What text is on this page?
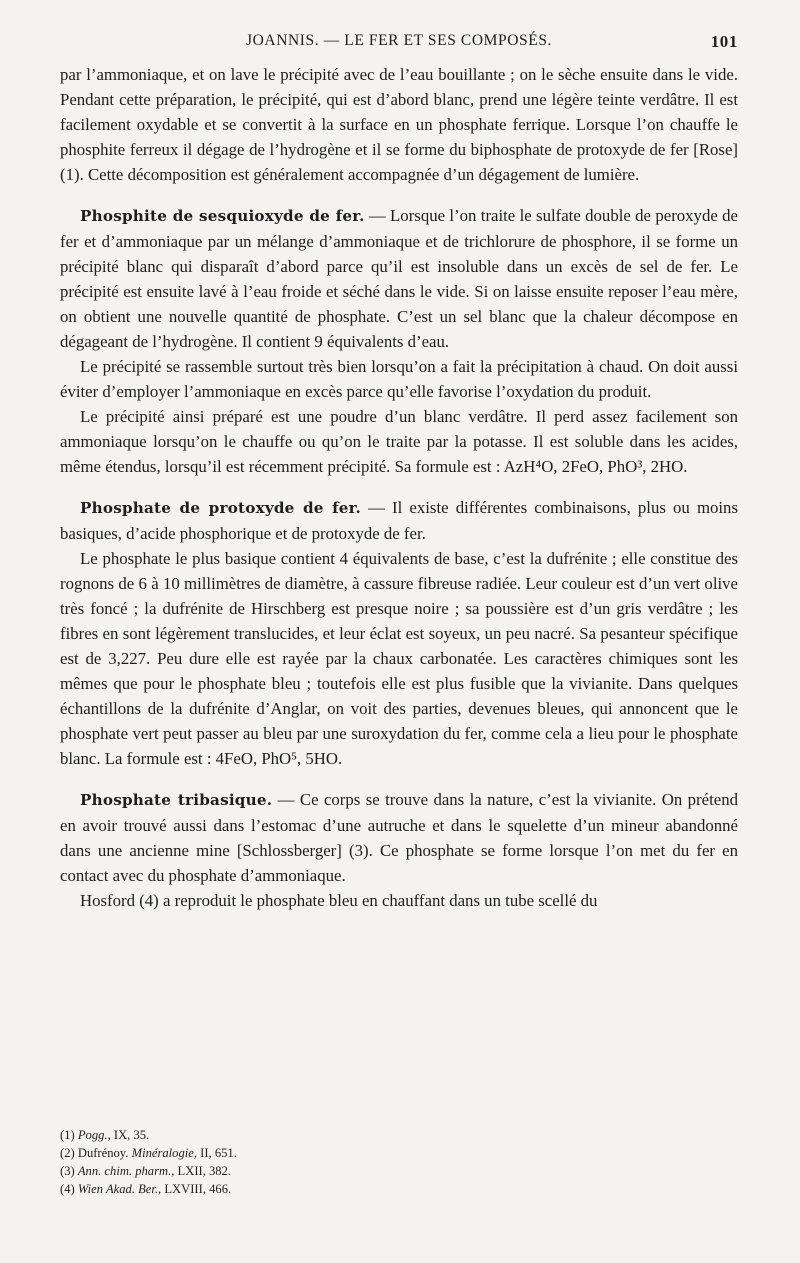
JOANNIS. — LE FER ET SES COMPOSÉS.	101

par l’ammoniaque, et on lave le précipité avec de l’eau bouillante ; on le sèche ensuite dans le vide. Pendant cette préparation, le précipité, qui est d’abord blanc, prend une légère teinte verdâtre. Il est facilement oxydable et se convertit à la surface en un phosphate ferrique. Lorsque l’on chauffe le phosphite ferreux il dégage de l’hydrogène et il se forme du biphosphate de protoxyde de fer [Rose] (1). Cette décomposition est généralement accompagnée d’un dégagement de lumière.

Phosphite de sesquioxyde de fer. — Lorsque l’on traite le sulfate double de peroxyde de fer et d’ammoniaque par un mélange d’ammoniaque et de trichlorure de phosphore, il se forme un précipité blanc qui disparaît d’abord parce qu’il est insoluble dans un excès de sel de fer. Le précipité est ensuite lavé à l’eau froide et séché dans le vide. Si on laisse ensuite reposer l’eau mère, on obtient une nouvelle quantité de phosphate. C’est un sel blanc que la chaleur décompose en dégageant de l’hydrogène. Il contient 9 équivalents d’eau.

Le précipité se rassemble surtout très bien lorsqu’on a fait la précipitation à chaud. On doit aussi éviter d’employer l’ammoniaque en excès parce qu’elle favorise l’oxydation du produit.

Le précipité ainsi préparé est une poudre d’un blanc verdâtre. Il perd assez facilement son ammoniaque lorsqu’on le chauffe ou qu’on le traite par la potasse. Il est soluble dans les acides, même étendus, lorsqu’il est récemment précipité. Sa formule est : AzH⁴O, 2FeO, PhO³, 2HO.

Phosphate de protoxyde de fer. — Il existe différentes combinaisons, plus ou moins basiques, d’acide phosphorique et de protoxyde de fer.

Le phosphate le plus basique contient 4 équivalents de base, c’est la dufrénite ; elle constitue des rognons de 6 à 10 millimètres de diamètre, à cassure fibreuse radiée. Leur couleur est d’un vert olive très foncé ; la dufrénite de Hirschberg est presque noire ; sa poussière est d’un gris verdâtre ; les fibres en sont légèrement translucides, et leur éclat est soyeux, un peu nacré. Sa pesanteur spécifique est de 3,227. Peu dure elle est rayée par la chaux carbonatée. Les caractères chimiques sont les mêmes que pour le phosphate bleu ; toutefois elle est plus fusible que la vivianite. Dans quelques échantillons de la dufrénite d’Anglar, on voit des parties, devenues bleues, qui annoncent que le phosphate vert peut passer au bleu par une suroxydation du fer, comme cela a lieu pour le phosphate blanc. La formule est : 4FeO, PhO⁵, 5HO.

Phosphate tribasique. — Ce corps se trouve dans la nature, c’est la vivianite. On prétend en avoir trouvé aussi dans l’estomac d’une autruche et dans le squelette d’un mineur abandonné dans une ancienne mine [Schlossberger] (3). Ce phosphate se forme lorsque l’on met du fer en contact avec du phosphate d’ammoniaque.

Hosford (4) a reproduit le phosphate bleu en chauffant dans un tube scellé du

(1) Pogg., IX, 35.
(2) Dufrénoy. Minéralogie, II, 651.
(3) Ann. chim. pharm., LXII, 382.
(4) Wien Akad. Ber., LXVIII, 466.
